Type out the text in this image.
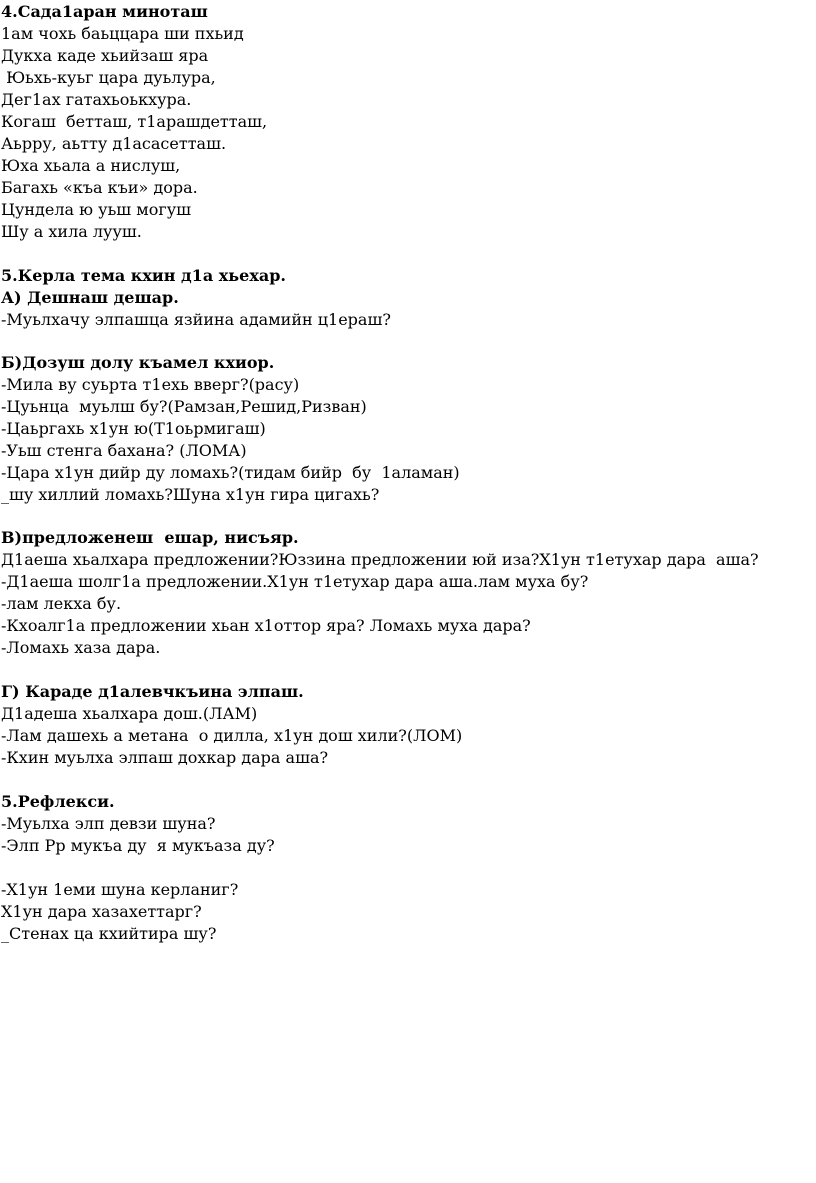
4.Сада1аран миноташ
1ам чохь баьццара ши пхьид
Дукха каде хьийзаш яра
Юьхь-куьг цара дуьлура,
Дег1ах гатахьоькхура.
Когаш  бетташ, т1арашдетташ,
Аьрру, аьтту д1асасетташ.
Юха хьала а нислуш,
Багахь «къа къи» дора.
Цундела ю уьш могуш
Шу а хила лууш.
5.Керла тема кхин д1а хьехар.
А) Дешнаш дешар.
-Муьлхачу элпашца язйина адамийн ц1ераш?
Б)Дозуш долу къамел кхиор.
-Мила ву суьрта т1ехь вверг?(расу)
-Цуьнца  муьлш бу?(Рамзан,Решид,Ризван)
-Цаьргахь х1ун ю(Т1оьрмигаш)
-Уьш стенга бахана? (ЛОМА)
-Цара х1ун дийр ду ломахь?(тидам бийр  бу  1аламан)
_шу хиллий ломахь?Шуна х1ун гира цигахь?
В)предложенеш  ешар, нисъяр.
Д1аеша хьалхара предложении?Юззина предложении юй иза?Х1ун т1етухар дара  аша?
-Д1аеша шолг1а предложении.Х1ун т1етухар дара аша.лам муха бу?
-лам лекха бу.
-Кхоалг1а предложении хьан х1оттор яра? Ломахь муха дара?
-Ломахь хаза дара.
Г) Караде д1алевчкъина элпаш.
Д1адеша хьалхара дош.(ЛАМ)
-Лам дашехь а метана  о дилла, х1ун дош хили?(ЛОМ)
-Кхин муьлха элпаш дохкар дара аша?
5.Рефлекси.
-Муьлха элп девзи шуна?
-Элп Рр мукъа ду  я мукъаза ду?
-Х1ун 1еми шуна керланиг?
Х1ун дара хазахеттарг?
_Стенах ца кхийтира шу?
